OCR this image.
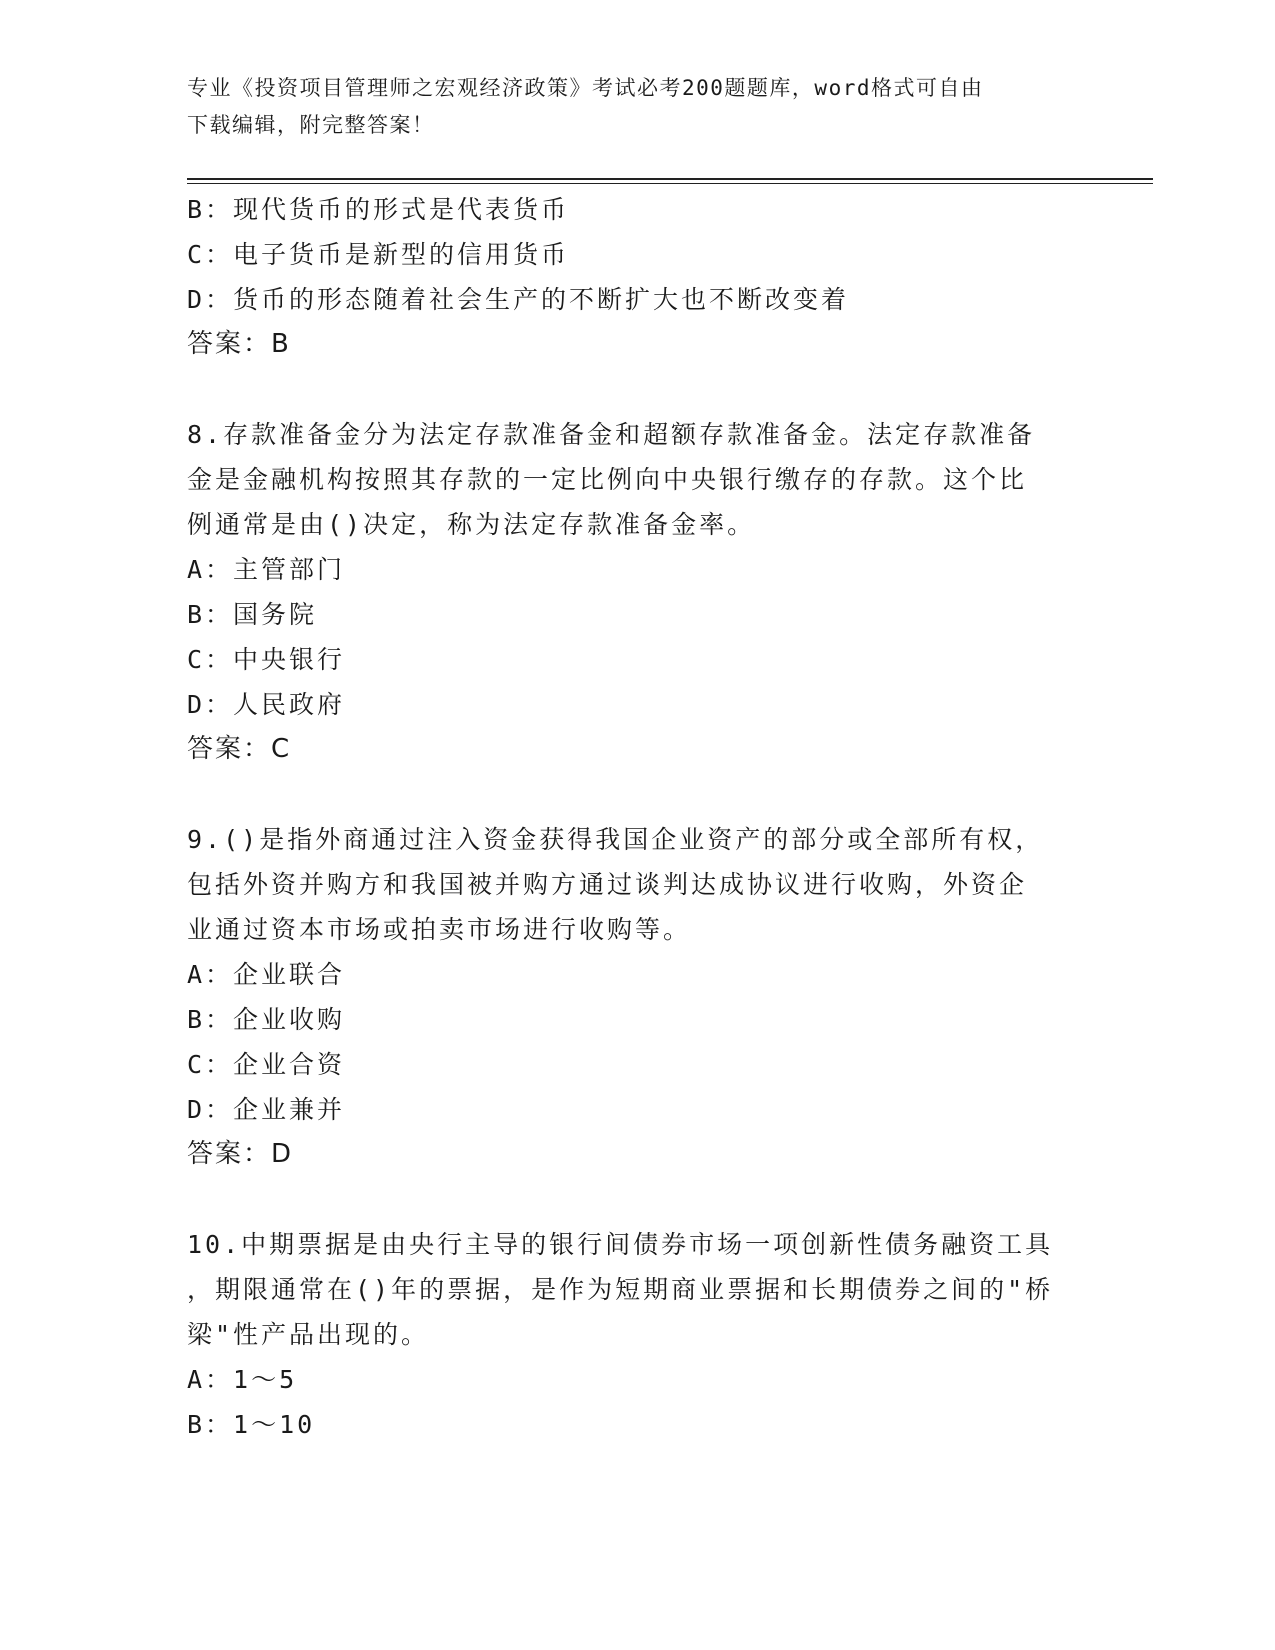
专业《投资项目管理师之宏观经济政策》考试必考200题题库，word格式可自由
下载编辑，附完整答案！
B：现代货币的形式是代表货币
C：电子货币是新型的信用货币
D：货币的形态随着社会生产的不断扩大也不断改变着
答案：B
8.存款准备金分为法定存款准备金和超额存款准备金。法定存款准备
金是金融机构按照其存款的一定比例向中央银行缴存的存款。这个比
例通常是由()决定，称为法定存款准备金率。
A：主管部门
B：国务院
C：中央银行
D：人民政府
答案：C
9.()是指外商通过注入资金获得我国企业资产的部分或全部所有权，
包括外资并购方和我国被并购方通过谈判达成协议进行收购，外资企
业通过资本市场或拍卖市场进行收购等。
A：企业联合
B：企业收购
C：企业合资
D：企业兼并
答案：D
10.中期票据是由央行主导的银行间债券市场一项创新性债务融资工具
，期限通常在()年的票据，是作为短期商业票据和长期债券之间的"桥
梁"性产品出现的。
A：1～5
B：1～10
